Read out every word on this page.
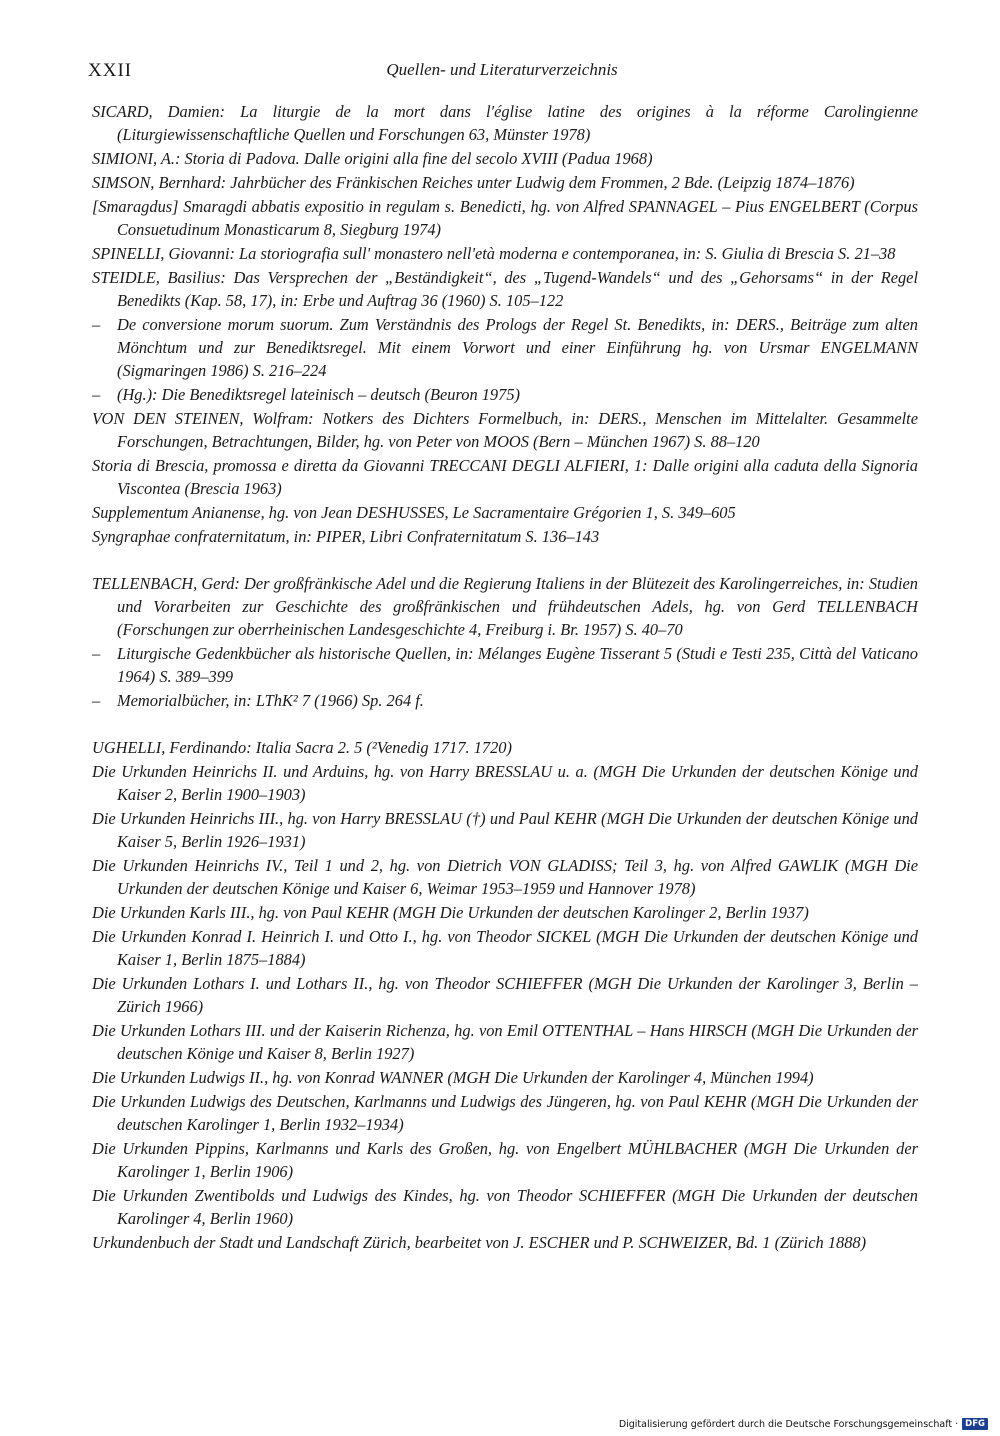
XXII	Quellen- und Literaturverzeichnis

SICARD, Damien: La liturgie de la mort dans l'église latine des origines à la réforme Carolingienne (Liturgiewissenschaftliche Quellen und Forschungen 63, Münster 1978)

SIMIONI, A.: Storia di Padova. Dalle origini alla fine del secolo XVIII (Padua 1968)

SIMSON, Bernhard: Jahrbücher des Fränkischen Reiches unter Ludwig dem Frommen, 2 Bde. (Leipzig 1874–1876)

[Smaragdus] Smaragdi abbatis expositio in regulam s. Benedicti, hg. von Alfred SPANNAGEL – Pius ENGELBERT (Corpus Consuetudinum Monasticarum 8, Siegburg 1974)

SPINELLI, Giovanni: La storiografia sull' monastero nell'età moderna e contemporanea, in: S. Giulia di Brescia S. 21–38

STEIDLE, Basilius: Das Versprechen der „Beständigkeit“, des „Tugend-Wandels“ und des „Gehorsams“ in der Regel Benedikts (Kap. 58, 17), in: Erbe und Auftrag 36 (1960) S. 105–122

– De conversione morum suorum. Zum Verständnis des Prologs der Regel St. Benedikts, in: DERS., Beiträge zum alten Mönchtum und zur Benediktsregel. Mit einem Vorwort und einer Einführung hg. von Ursmar ENGELMANN (Sigmaringen 1986) S. 216–224

– (Hg.): Die Benediktsregel lateinisch – deutsch (Beuron 1975)

VON DEN STEINEN, Wolfram: Notkers des Dichters Formelbuch, in: DERS., Menschen im Mittelalter. Gesammelte Forschungen, Betrachtungen, Bilder, hg. von Peter von MOOS (Bern – München 1967) S. 88–120

Storia di Brescia, promossa e diretta da Giovanni TRECCANI DEGLI ALFIERI, 1: Dalle origini alla caduta della Signoria Viscontea (Brescia 1963)

Supplementum Anianense, hg. von Jean DESHUSSES, Le Sacramentaire Grégorien 1, S. 349–605

Syngraphae confraternitatum, in: PIPER, Libri Confraternitatum S. 136–143

TELLENBACH, Gerd: Der großfränkische Adel und die Regierung Italiens in der Blütezeit des Karolingerreiches, in: Studien und Vorarbeiten zur Geschichte des großfränkischen und frühdeutschen Adels, hg. von Gerd TELLENBACH (Forschungen zur oberrheinischen Landesgeschichte 4, Freiburg i. Br. 1957) S. 40–70

– Liturgische Gedenkbücher als historische Quellen, in: Mélanges Eugène Tisserant 5 (Studi e Testi 235, Città del Vaticano 1964) S. 389–399

– Memorialbücher, in: LThK² 7 (1966) Sp. 264 f.

UGHELLI, Ferdinando: Italia Sacra 2. 5 (²Venedig 1717. 1720)

Die Urkunden Heinrichs II. und Arduins, hg. von Harry BRESSLAU u. a. (MGH Die Urkunden der deutschen Könige und Kaiser 2, Berlin 1900–1903)

Die Urkunden Heinrichs III., hg. von Harry BRESSLAU (†) und Paul KEHR (MGH Die Urkunden der deutschen Könige und Kaiser 5, Berlin 1926–1931)

Die Urkunden Heinrichs IV., Teil 1 und 2, hg. von Dietrich VON GLADISS; Teil 3, hg. von Alfred GAWLIK (MGH Die Urkunden der deutschen Könige und Kaiser 6, Weimar 1953–1959 und Hannover 1978)

Die Urkunden Karls III., hg. von Paul KEHR (MGH Die Urkunden der deutschen Karolinger 2, Berlin 1937)

Die Urkunden Konrad I. Heinrich I. und Otto I., hg. von Theodor SICKEL (MGH Die Urkunden der deutschen Könige und Kaiser 1, Berlin 1875–1884)

Die Urkunden Lothars I. und Lothars II., hg. von Theodor SCHIEFFER (MGH Die Urkunden der Karolinger 3, Berlin – Zürich 1966)

Die Urkunden Lothars III. und der Kaiserin Richenza, hg. von Emil OTTENTHAL – Hans HIRSCH (MGH Die Urkunden der deutschen Könige und Kaiser 8, Berlin 1927)

Die Urkunden Ludwigs II., hg. von Konrad WANNER (MGH Die Urkunden der Karolinger 4, München 1994)

Die Urkunden Ludwigs des Deutschen, Karlmanns und Ludwigs des Jüngeren, hg. von Paul KEHR (MGH Die Urkunden der deutschen Karolinger 1, Berlin 1932–1934)

Die Urkunden Pippins, Karlmanns und Karls des Großen, hg. von Engelbert MÜHLBACHER (MGH Die Urkunden der Karolinger 1, Berlin 1906)

Die Urkunden Zwentibolds und Ludwigs des Kindes, hg. von Theodor SCHIEFFER (MGH Die Urkunden der deutschen Karolinger 4, Berlin 1960)

Urkundenbuch der Stadt und Landschaft Zürich, bearbeitet von J. ESCHER und P. SCHWEIZER, Bd. 1 (Zürich 1888)

Digitalisierung gefördert durch die Deutsche Forschungsgemeinschaft · DFG
